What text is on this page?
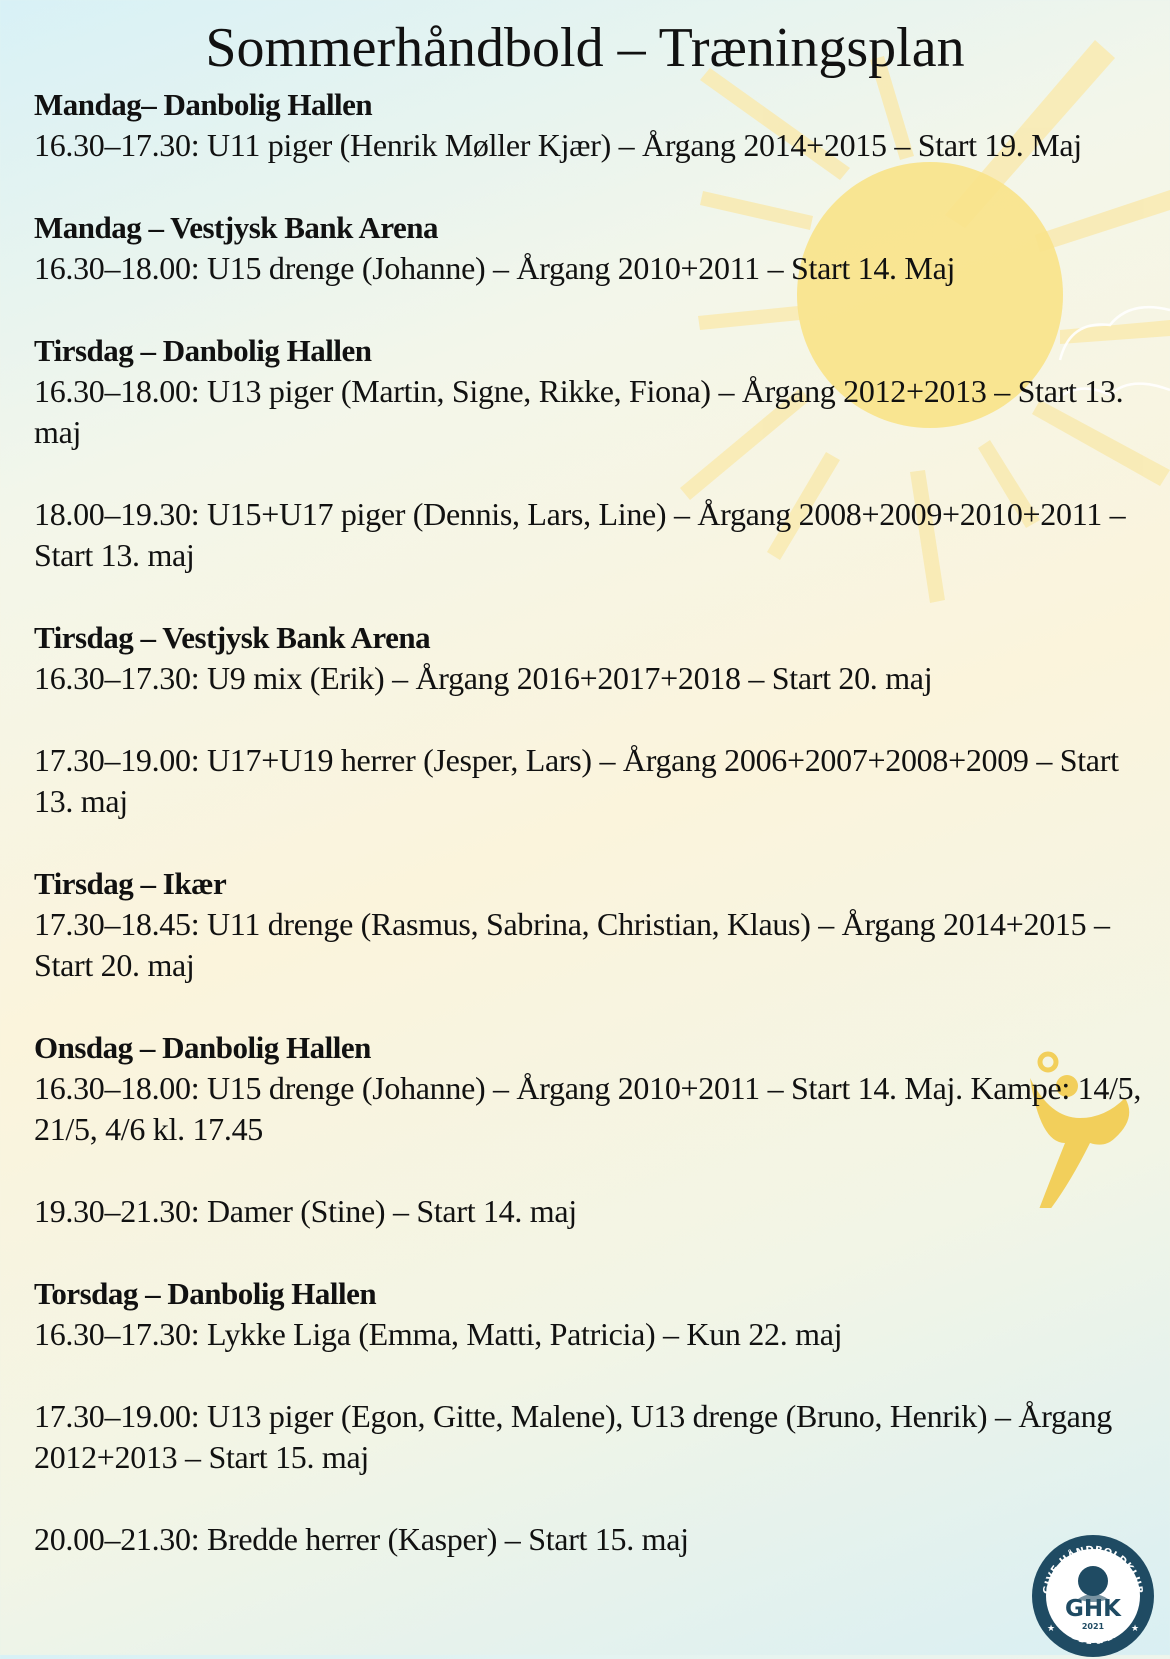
Sommerhåndbold – Træningsplan
Mandag– Danbolig Hallen
16.30–17.30: U11 piger (Henrik Møller Kjær) – Årgang 2014+2015 – Start 19. Maj
Mandag – Vestjysk Bank Arena
16.30–18.00: U15 drenge (Johanne) – Årgang 2010+2011 – Start 14. Maj
Tirsdag – Danbolig Hallen
16.30–18.00: U13 piger (Martin, Signe, Rikke, Fiona) – Årgang 2012+2013 – Start 13. maj
18.00–19.30: U15+U17 piger (Dennis, Lars, Line) – Årgang 2008+2009+2010+2011 – Start 13. maj
Tirsdag – Vestjysk Bank Arena
16.30–17.30: U9 mix (Erik) – Årgang 2016+2017+2018 – Start 20. maj
17.30–19.00: U17+U19 herrer (Jesper, Lars) – Årgang 2006+2007+2008+2009 – Start 13. maj
Tirsdag – Ikær
17.30–18.45: U11 drenge (Rasmus, Sabrina, Christian, Klaus) – Årgang 2014+2015 – Start 20. maj
Onsdag – Danbolig Hallen
16.30–18.00: U15 drenge (Johanne) – Årgang 2010+2011 – Start 14. Maj. Kampe: 14/5, 21/5, 4/6 kl. 17.45
19.30–21.30: Damer (Stine) – Start 14. maj
Torsdag – Danbolig Hallen
16.30–17.30: Lykke Liga (Emma, Matti, Patricia) – Kun 22. maj
17.30–19.00: U13 piger (Egon, Gitte, Malene), U13 drenge (Bruno, Henrik) – Årgang 2012+2013 – Start 15. maj
20.00–21.30: Bredde herrer (Kasper) – Start 15. maj
GIVE HÅNDBOLDKLUB
BREDDE & ELITE
GHK
2021
★	★
